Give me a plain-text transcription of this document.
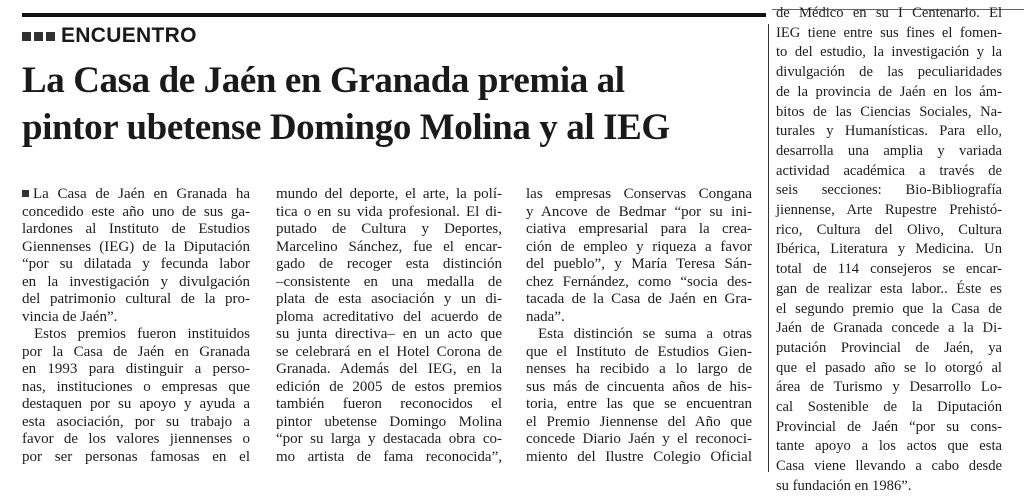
ENCUENTRO
La Casa de Jaén en Granada premia al
pintor ubetense Domingo Molina y al IEG
La Casa de Jaén en Granada ha
concedido este año uno de sus ga-
lardones al Instituto de Estudios
Giennenses (IEG) de la Diputación
“por su dilatada y fecunda labor
en la investigación y divulgación
del patrimonio cultural de la pro-
vincia de Jaén”.
Estos premios fueron instituidos
por la Casa de Jaén en Granada
en 1993 para distinguir a perso-
nas, instituciones o empresas que
destaquen por su apoyo y ayuda a
esta asociación, por su trabajo a
favor de los valores jiennenses o
por ser personas famosas en el
mundo del deporte, el arte, la polí-
tica o en su vida profesional. El di-
putado de Cultura y Deportes,
Marcelino Sánchez, fue el encar-
gado de recoger esta distinción
–consistente en una medalla de
plata de esta asociación y un di-
ploma acreditativo del acuerdo de
su junta directiva– en un acto que
se celebrará en el Hotel Corona de
Granada. Además del IEG, en la
edición de 2005 de estos premios
también fueron reconocidos el
pintor ubetense Domingo Molina
“por su larga y destacada obra co-
mo artista de fama reconocida”,
las empresas Conservas Congana
y Ancove de Bedmar “por su ini-
ciativa empresarial para la crea-
ción de empleo y riqueza a favor
del pueblo”, y María Teresa Sán-
chez Fernández, como “socia des-
tacada de la Casa de Jaén en Gra-
nada”.
Esta distinción se suma a otras
que el Instituto de Estudios Gien-
nenses ha recibido a lo largo de
sus más de cincuenta años de his-
toria, entre las que se encuentran
el Premio Jiennense del Año que
concede Diario Jaén y el reconoci-
miento del Ilustre Colegio Oficial
de Médico en su I Centenario. El
IEG tiene entre sus fines el fomen-
to del estudio, la investigación y la
divulgación de las peculiaridades
de la provincia de Jaén en los ám-
bitos de las Ciencias Sociales, Na-
turales y Humanísticas. Para ello,
desarrolla una amplia y variada
actividad académica a través de
seis secciones: Bio-Bibliografía
jiennense, Arte Rupestre Prehistó-
rico, Cultura del Olivo, Cultura
Ibérica, Literatura y Medicina. Un
total de 114 consejeros se encar-
gan de realizar esta labor.. Éste es
el segundo premio que la Casa de
Jaén de Granada concede a la Di-
putación Provincial de Jaén, ya
que el pasado año se lo otorgó al
área de Turismo y Desarrollo Lo-
cal Sostenible de la Diputación
Provincial de Jaén “por su cons-
tante apoyo a los actos que esta
Casa viene llevando a cabo desde
su fundación en 1986”.
